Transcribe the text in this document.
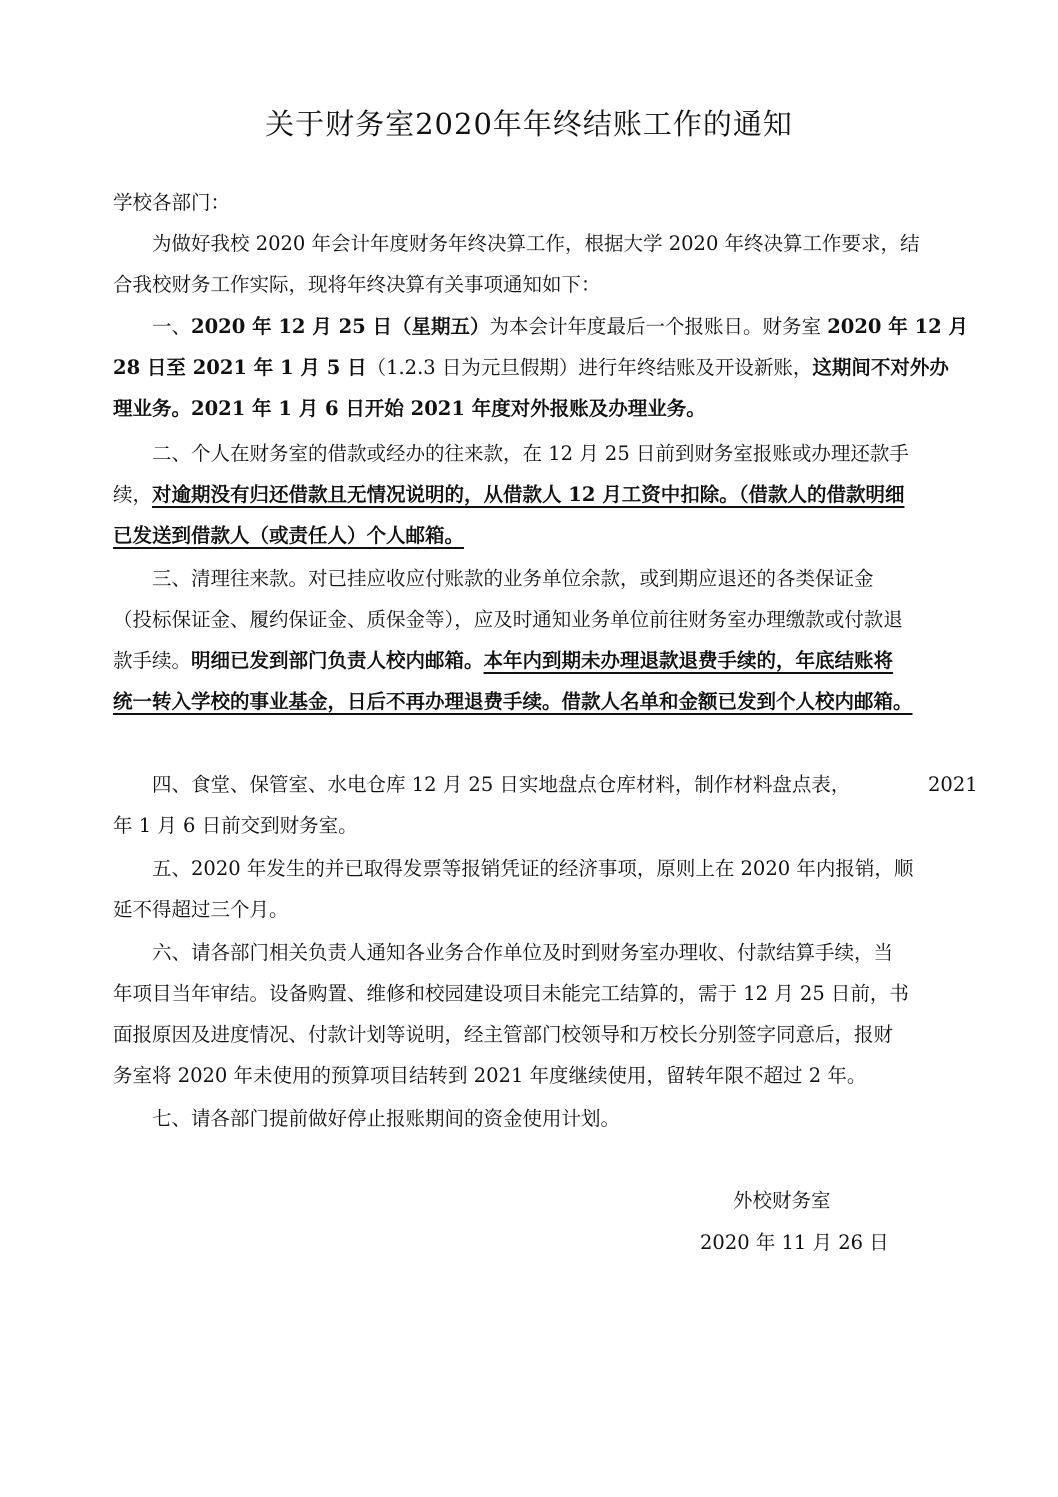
关于财务室2020年年终结账工作的通知
学校各部门：
为做好我校 2020 年会计年度财务年终决算工作，根据大学 2020 年终决算工作要求，结
合我校财务工作实际，现将年终决算有关事项通知如下：
一、2020 年 12 月 25 日（星期五）为本会计年度最后一个报账日。财务室 2020 年 12 月
28 日至 2021 年 1 月 5 日（1.2.3 日为元旦假期）进行年终结账及开设新账，这期间不对外办
理业务。2021 年 1 月 6 日开始 2021 年度对外报账及办理业务。
二、个人在财务室的借款或经办的往来款，在 12 月 25 日前到财务室报账或办理还款手
续，对逾期没有归还借款且无情况说明的，从借款人 12 月工资中扣除。（借款人的借款明细
已发送到借款人（或责任人）个人邮箱。
三、清理往来款。对已挂应收应付账款的业务单位余款，或到期应退还的各类保证金
（投标保证金、履约保证金、质保金等），应及时通知业务单位前往财务室办理缴款或付款退
款手续。明细已发到部门负责人校内邮箱。本年内到期未办理退款退费手续的，年底结账将
统一转入学校的事业基金，日后不再办理退费手续。借款人名单和金额已发到个人校内邮箱。
四、食堂、保管室、水电仓库 12 月 25 日实地盘点仓库材料，制作材料盘点表，	2021
年 1 月 6 日前交到财务室。
五、2020 年发生的并已取得发票等报销凭证的经济事项，原则上在 2020 年内报销，顺
延不得超过三个月。
六、请各部门相关负责人通知各业务合作单位及时到财务室办理收、付款结算手续，当
年项目当年审结。设备购置、维修和校园建设项目未能完工结算的，需于 12 月 25 日前，书
面报原因及进度情况、付款计划等说明，经主管部门校领导和万校长分别签字同意后，报财
务室将 2020 年未使用的预算项目结转到 2021 年度继续使用，留转年限不超过 2 年。
七、请各部门提前做好停止报账期间的资金使用计划。
外校财务室
2020 年 11 月 26 日
